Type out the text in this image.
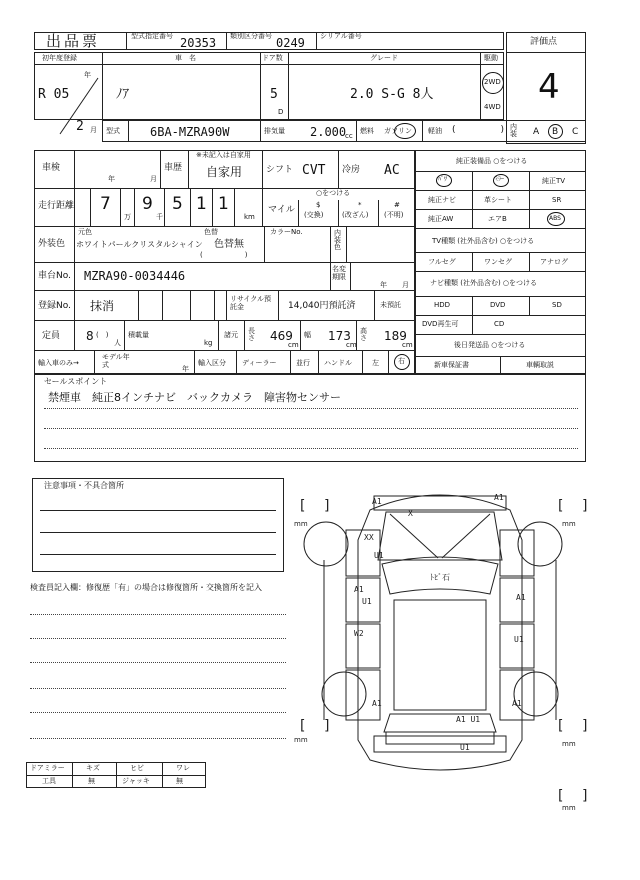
出品票	型式指定番号 20353 類別区分番号 0249 シリアル番号
評価点
4
初年度登録
R 05
年
2 月
車　名
ﾉｱ
ドア数
5
D
グレード
2.0 S-G 8人
駆動
2WD
4WD
型式	6BA-MZRA90W	排気量 2.000
cc
燃料 ガソリン 軽油 (　　　　　) 内装	A B C
車検
年	月
車歴
※未記入は自家用
自家用	シフト CVT 冷房 AC
走行距離 7
万
9
千
5 1 1
km
○をつける
マイル	$
(交換)
*
(改ざん)
#
(不明)
外装色
元色	色替
ホワイトパールクリスタルシャイン 色替無
(　　　　　　)
カラーNo.	内装色
車台No. MZRA90-0034446	名変期限
年 月
登録No. 抹消	リサイクル預託金	14,040円預託済	未預託
定員 8 (　)
人
積載量
kg
諸元 長さ 469
cm
幅 173
cm
高さ 189
cm
輸入車のみ→
モデル年式
年
輸入区分 ディーラー	並行 ハンドル	左	右
純正装備品 ○をつける
ﾊﾟﾜ	ﾐﾗｰ	純正TV
純正ナビ	革シート	SR
純正AW	エアB	ABS
TV種類 (社外品含む) ○をつける
フルセグ	ワンセグ	アナログ
ナビ種類 (社外品含む) ○をつける
HDD	DVD	SD
DVD再生可	CD
後日発送品 ○をつける
新車保証書	車輌取説
セールスポイント
禁煙車　純正8インチナビ　バックカメラ　障害物センサー
注意事項・不具合箇所
検査員記入欄：修復歴「有」の場合は修復箇所・交換箇所を記入
ドアミラー	キズ	ヒビ	ワレ
工具	無	ジャッキ	無
[ ]	[ ]
[ ]	[ ]
[ ]
mm	mm
mm	mm
mm
A1	A1
X
XX
U1
ﾄﾋﾞ石
A1
U1	A1
W2
U1
A1	A1
A1 U1
U1
